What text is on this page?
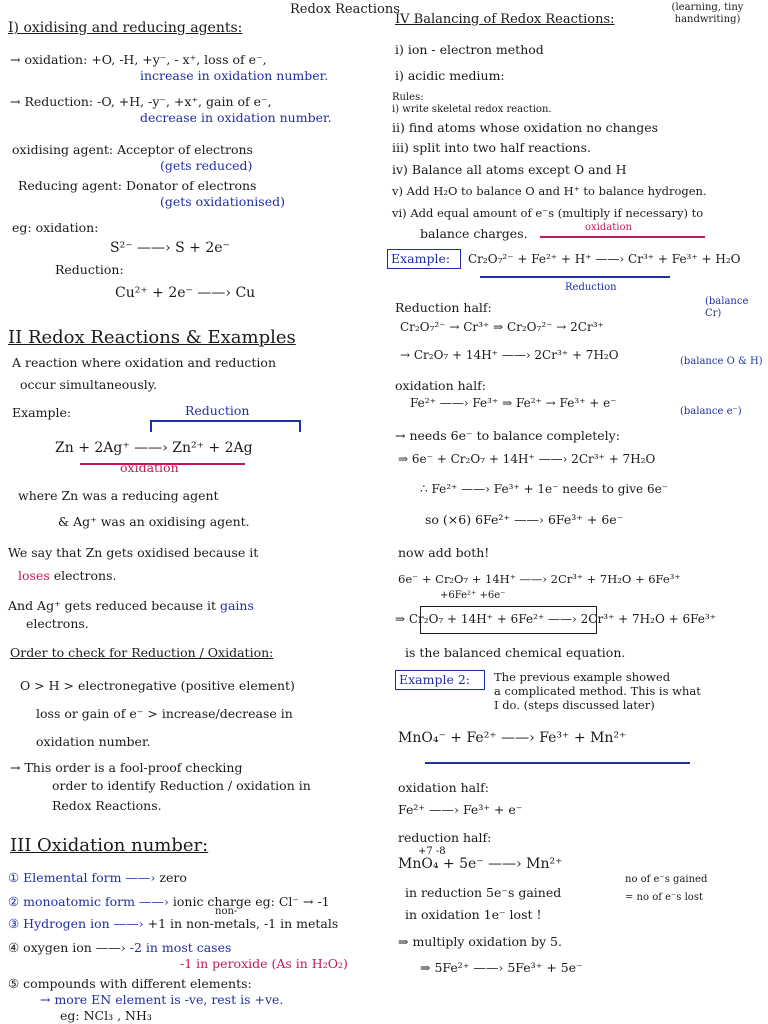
Redox Reactions
IV Balancing of Redox Reactions:
(learning, tiny handwriting)
I) oxidising and reducing agents:
→ oxidation: +O, -H, +y⁻, - x⁺, loss of e⁻,
increase in oxidation number.
→ Reduction: -O, +H, -y⁻, +x⁺, gain of e⁻,
decrease in oxidation number.
oxidising agent: Acceptor of electrons
(gets reduced)
Reducing agent: Donator of electrons
(gets oxidationised)
eg: oxidation:
S²⁻ ——› S + 2e⁻
Reduction:
Cu²⁺ + 2e⁻ ——› Cu
II Redox Reactions & Examples
A reaction where oxidation and reduction
occur simultaneously.
Example:	Reduction
Zn + 2Ag⁺ ——› Zn²⁺ + 2Ag
oxidation
where Zn was a reducing agent
& Ag⁺ was an oxidising agent.
We say that Zn gets oxidised because it
loses electrons.
And Ag⁺ gets reduced because it gains
electrons.
Order to check for Reduction / Oxidation:
O > H > electronegative (positive element)
loss or gain of e⁻ > increase/decrease in
oxidation number.
→ This order is a fool-proof checking
order to identify Reduction / oxidation in
Redox Reactions.
III Oxidation number:
① Elemental form ——› zero
② monoatomic form ——› ionic charge eg: Cl⁻ → -1
non-
③ Hydrogen ion ——› +1 in non-metals, -1 in metals
④ oxygen ion ——› -2 in most cases
-1 in peroxide (As in H₂O₂)
⑤ compounds with different elements:
→ more EN element is -ve, rest is +ve.
eg: NCl₃ , NH₃
i) ion - electron method
i) acidic medium:
Rules:
i) write skeletal redox reaction.
ii) find atoms whose oxidation no changes
iii) split into two half reactions.
iv) Balance all atoms except O and H
v) Add H₂O to balance O and H⁺ to balance hydrogen.
vi) Add equal amount of e⁻s (multiply if necessary) to
balance charges.	oxidation
Example: Cr₂O₇²⁻ + Fe²⁺ + H⁺ ——› Cr³⁺ + Fe³⁺ + H₂O
Reduction
Reduction half:
Cr₂O₇²⁻ → Cr³⁺ ⇒ Cr₂O₇²⁻ → 2Cr³⁺
(balance Cr)
→ Cr₂O₇ + 14H⁺ ——› 2Cr³⁺ + 7H₂O	(balance O & H)
oxidation half:
Fe²⁺ ——› Fe³⁺ ⇒ Fe²⁺ → Fe³⁺ + e⁻
(balance e⁻)
→ needs 6e⁻ to balance completely:
⇒ 6e⁻ + Cr₂O₇ + 14H⁺ ——› 2Cr³⁺ + 7H₂O
∴ Fe²⁺ ——› Fe³⁺ + 1e⁻ needs to give 6e⁻
so (×6) 6Fe²⁺ ——› 6Fe³⁺ + 6e⁻
now add both!
6e⁻ + Cr₂O₇ + 14H⁺ ——› 2Cr³⁺ + 7H₂O + 6Fe³⁺
+6Fe²⁺ +6e⁻
⇒ Cr₂O₇ + 14H⁺ + 6Fe²⁺ ——› 2Cr³⁺ + 7H₂O + 6Fe³⁺
is the balanced chemical equation.
Example 2: The previous example showed
a complicated method. This is what
I do. (steps discussed later)
MnO₄⁻ + Fe²⁺ ——› Fe³⁺ + Mn²⁺
oxidation half:
Fe²⁺ ——› Fe³⁺ + e⁻
reduction half:
+7 -8
MnO₄ + 5e⁻ ——› Mn²⁺
in reduction 5e⁻s gained
in oxidation 1e⁻ lost !
no of e⁻s gained
= no of e⁻s lost
⇒ multiply oxidation by 5.
⇒ 5Fe²⁺ ——› 5Fe³⁺ + 5e⁻
